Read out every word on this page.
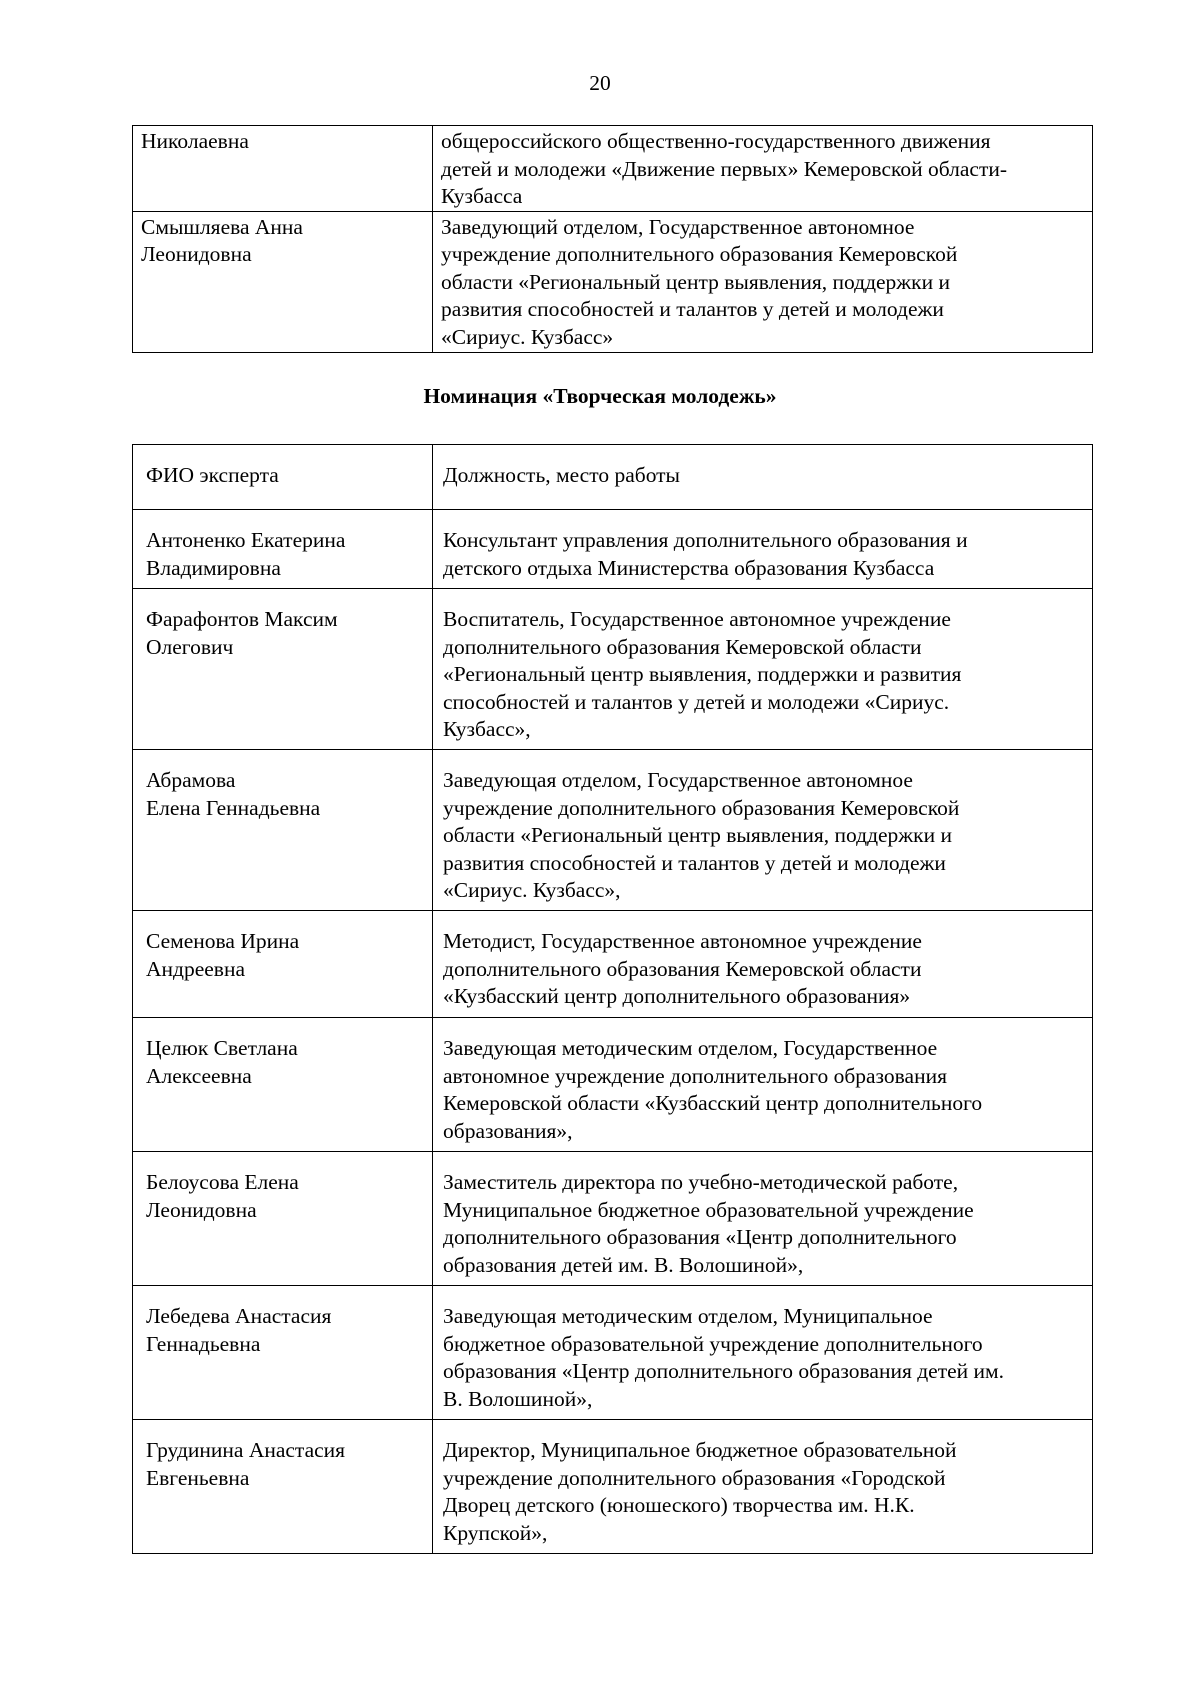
20
Николаевна	общероссийского общественно-государственного движения
детей и молодежи «Движение первых» Кемеровской области-
Кузбасса

Смышляева Анна
Леонидовна	Заведующий отделом, Государственное автономное
учреждение дополнительного образования Кемеровской
области «Региональный центр выявления, поддержки и
развития способностей и талантов у детей и молодежи
«Сириус. Кузбасс»
Номинация «Творческая молодежь»
ФИО эксперта	Должность, место работы

Антоненко Екатерина
Владимировна	Консультант управления дополнительного образования и
детского отдыха Министерства образования Кузбасса

Фарафонтов Максим
Олегович	Воспитатель, Государственное автономное учреждение
дополнительного образования Кемеровской области
«Региональный центр выявления, поддержки и развития
способностей и талантов у детей и молодежи «Сириус.
Кузбасс»,

Абрамова
Елена Геннадьевна	Заведующая отделом, Государственное автономное
учреждение дополнительного образования Кемеровской
области «Региональный центр выявления, поддержки и
развития способностей и талантов у детей и молодежи
«Сириус. Кузбасс»,

Семенова Ирина
Андреевна	Методист, Государственное автономное учреждение
дополнительного образования Кемеровской области
«Кузбасский центр дополнительного образования»

Целюк Светлана
Алексеевна	Заведующая методическим отделом, Государственное
автономное учреждение дополнительного образования
Кемеровской области «Кузбасский центр дополнительного
образования»,

Белоусова Елена
Леонидовна	Заместитель директора по учебно-методической работе,
Муниципальное бюджетное образовательной учреждение
дополнительного образования «Центр дополнительного
образования детей им. В. Волошиной»,

Лебедева Анастасия
Геннадьевна	Заведующая методическим отделом, Муниципальное
бюджетное образовательной учреждение дополнительного
образования «Центр дополнительного образования детей им.
В. Волошиной»,

Грудинина Анастасия
Евгеньевна	Директор, Муниципальное бюджетное образовательной
учреждение дополнительного образования «Городской
Дворец детского (юношеского) творчества им. Н.К.
Крупской»,
